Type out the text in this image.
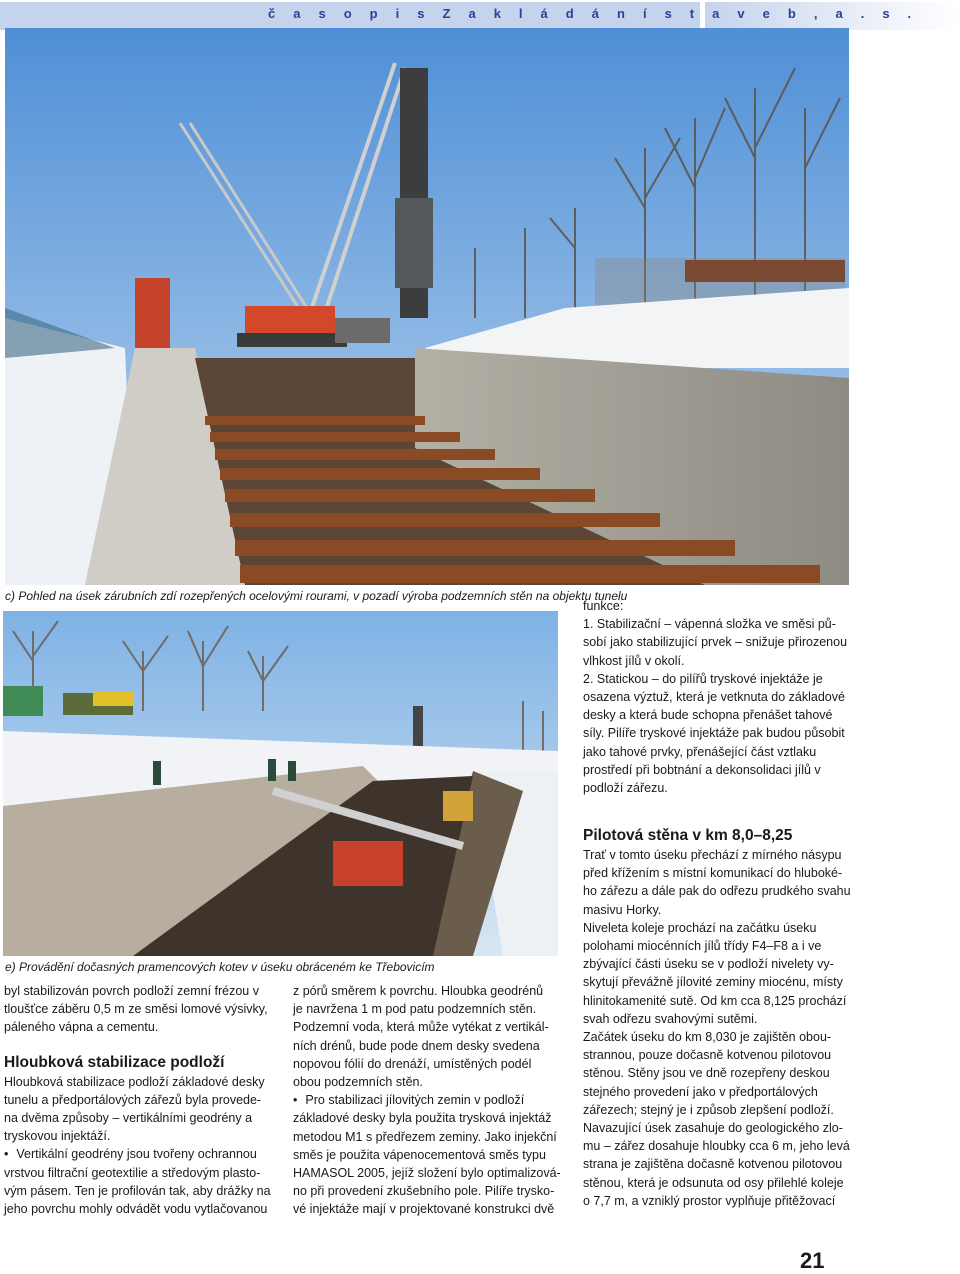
č a s o p i s Z a k l á d á n í s t a v e b , a . s .
c) Pohled na úsek zárubních zdí rozepřených ocelovými rourami, v pozadí výroba podzemních stěn na objektu tunelu

funkce:

1. Stabilizační – vápenná složka ve směsi pů-

sobí jako stabilizující prvek – snižuje přirozenou

vlhkost jílů v okolí.

2. Statickou – do pilířů tryskové injektáže je

osazena výztuž, která je vetknuta do základové

desky a která bude schopna přenášet tahové

síly. Pilíře tryskové injektáže pak budou působit

jako tahové prvky, přenášející část vztlaku

prostředí při bobtnání a dekonsolidaci jílů v

podloží zářezu.

e) Provádění dočasných pramencových kotev v úseku obráceném ke Třebovicím
Pilotová stěna v km 8,0–8,25

Trať v tomto úseku přechází z mírného násypu

před křížením s místní komunikací do hluboké-

ho zářezu a dále pak do odřezu prudkého svahu

masivu Horky.

Niveleta koleje prochází na začátku úseku

polohami miocénních jílů třídy F4–F8 a i ve

zbývající části úseku se v podloží nivelety vy-

skytují převážně jílovité zeminy miocénu, místy

hlinitokamenité sutě. Od km cca 8,125 prochází

svah odřezu svahovými sutěmi.

Začátek úseku do km 8,030 je zajištěn obou-

strannou, pouze dočasně kotvenou pilotovou

stěnou. Stěny jsou ve dně rozepřeny deskou

stejného provedení jako v předportálových

zářezech; stejný je i způsob zlepšení podloží.

Navazující úsek zasahuje do geologického zlo-

mu – zářez dosahuje hloubky cca 6 m, jeho levá

strana je zajištěna dočasně kotvenou pilotovou

stěnou, která je odsunuta od osy přilehlé koleje

o 7,7 m, a vzniklý prostor vyplňuje přitěžovací

byl stabilizován povrch podloží zemní frézou v

tloušťce záběru 0,5 m ze směsi lomové výsivky,

páleného vápna a cementu.

Hloubková stabilizace podloží

Hloubková stabilizace podloží základové desky

tunelu a předportálových zářezů byla provede-

na dvěma způsoby – vertikálními geodrény a

tryskovou injektáží.

• Vertikální geodrény jsou tvořeny ochrannou

vrstvou filtrační geotextilie a středovým plasto-

vým pásem. Ten je profilován tak, aby drážky na

jeho povrchu mohly odvádět vodu vytlačovanou

z pórů směrem k povrchu. Hloubka geodrénů

je navržena 1 m pod patu podzemních stěn.

Podzemní voda, která může vytékat z vertikál-

ních drénů, bude pode dnem desky svedena

nopovou fólií do drenáží, umístěných podél

obou podzemních stěn.

• Pro stabilizaci jílovitých zemin v podloží

základové desky byla použita trysková injektáž

metodou M1 s předřezem zeminy. Jako injekční

směs je použita vápenocementová směs typu

HAMASOL 2005, jejíž složení bylo optimalizová-

no při provedení zkušebního pole. Pilíře trysko-

vé injektáže mají v projektované konstrukci dvě

21
